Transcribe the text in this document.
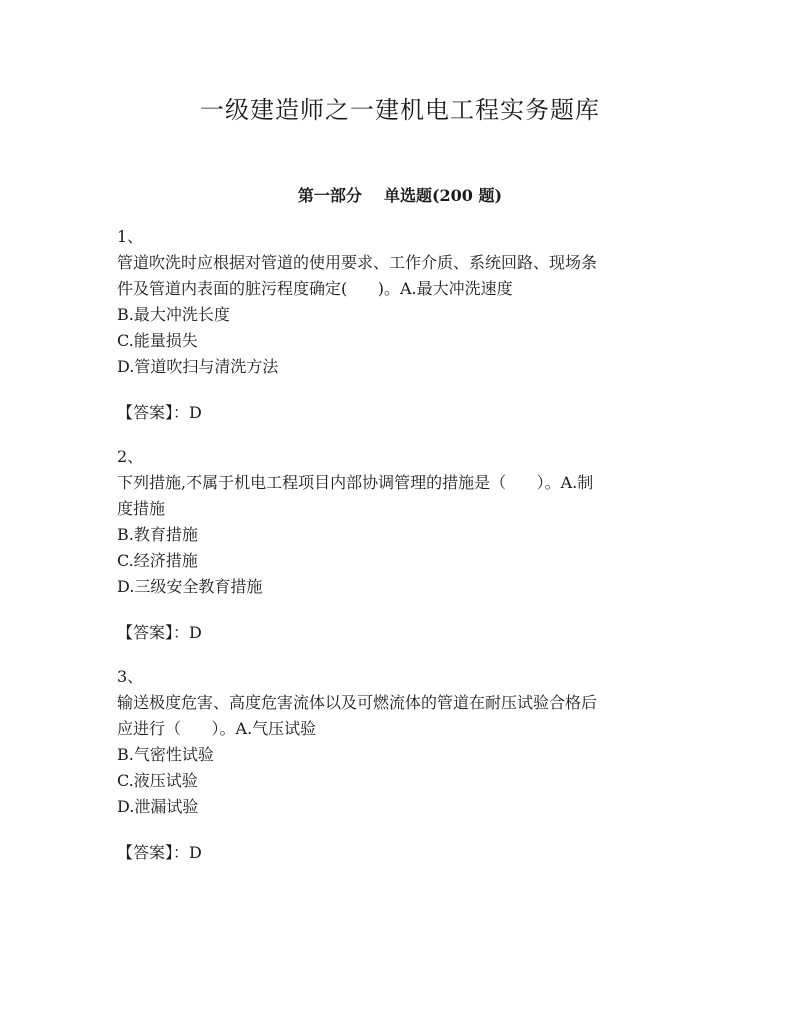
一级建造师之一建机电工程实务题库
第一部分 单选题(200 题)
1、
管道吹洗时应根据对管道的使用要求、工作介质、系统回路、现场条
件及管道内表面的脏污程度确定(      )。A.最大冲洗速度
B.最大冲洗长度
C.能量损失
D.管道吹扫与清洗方法
【答案】：D
2、
下列措施,不属于机电工程项目内部协调管理的措施是（      ）。A.制
度措施
B.教育措施
C.经济措施
D.三级安全教育措施
【答案】：D
3、
输送极度危害、高度危害流体以及可燃流体的管道在耐压试验合格后
应进行（      ）。A.气压试验
B.气密性试验
C.液压试验
D.泄漏试验
【答案】：D
